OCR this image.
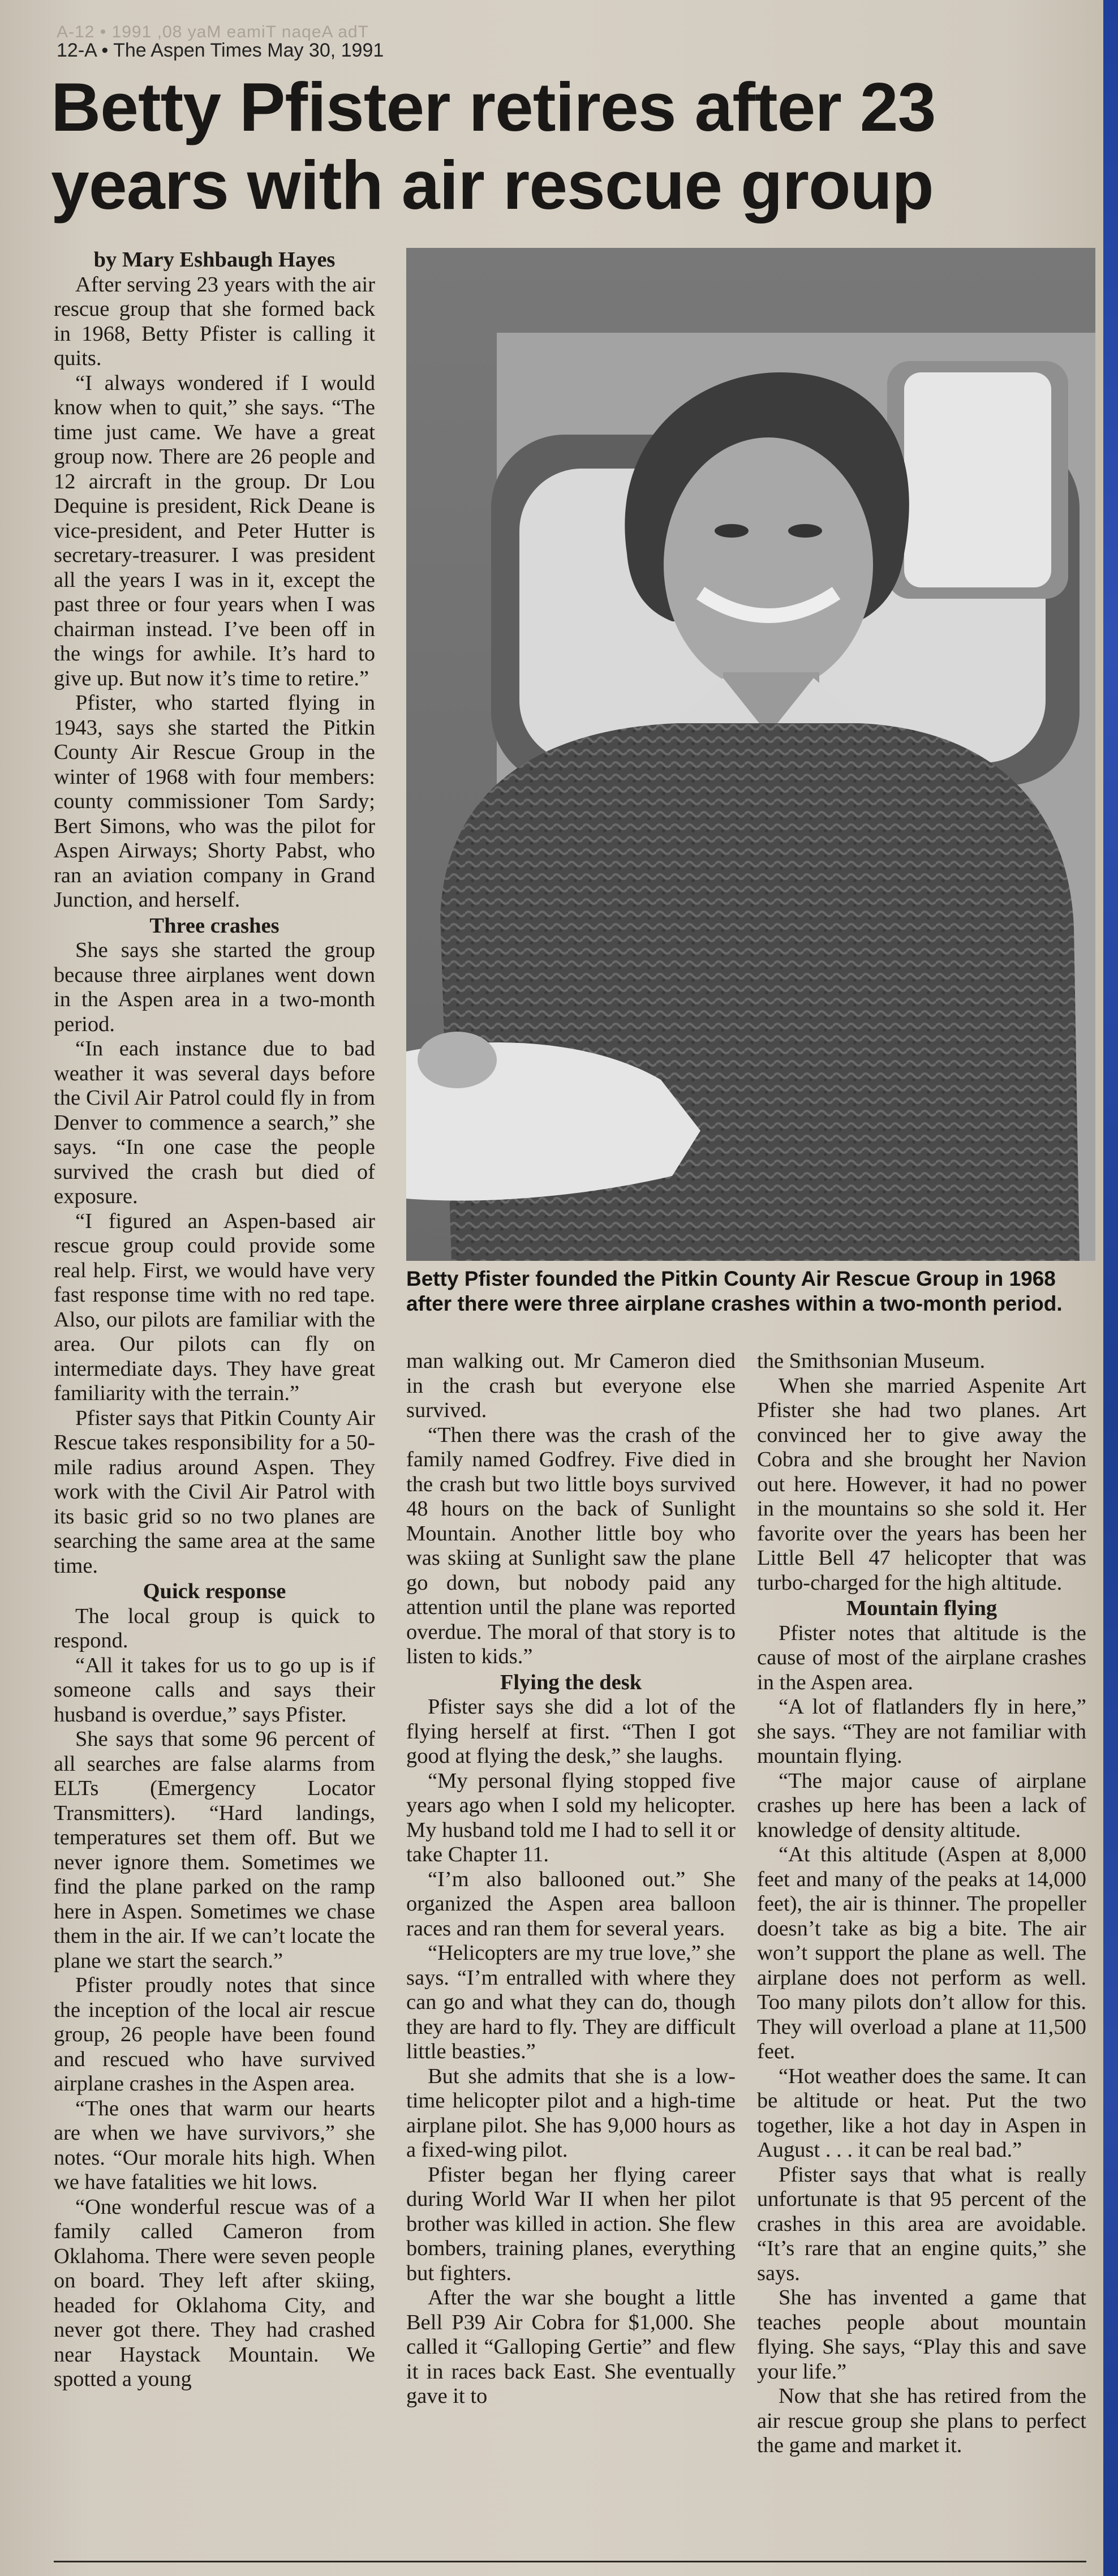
A-12 • 1991 ,08 yaM eamiT naqeA adT
12-A • The Aspen Times May 30, 1991
Betty Pfister retires after 23 years with air rescue group
by Mary Eshbaugh Hayes

After serving 23 years with the air rescue group that she formed back in 1968, Betty Pfister is calling it quits.

“I always wondered if I would know when to quit,” she says. “The time just came. We have a great group now. There are 26 people and 12 aircraft in the group. Dr Lou Dequine is president, Rick Deane is vice-president, and Peter Hutter is secretary-treasurer. I was president all the years I was in it, except the past three or four years when I was chairman instead. I’ve been off in the wings for awhile. It’s hard to give up. But now it’s time to retire.”

Pfister, who started flying in 1943, says she started the Pitkin County Air Rescue Group in the winter of 1968 with four members: county commissioner Tom Sardy; Bert Simons, who was the pilot for Aspen Airways; Shorty Pabst, who ran an aviation company in Grand Junction, and herself.

Three crashes

She says she started the group because three airplanes went down in the Aspen area in a two-month period.

“In each instance due to bad weather it was several days before the Civil Air Patrol could fly in from Denver to commence a search,” she says. “In one case the people survived the crash but died of exposure.

“I figured an Aspen-based air rescue group could provide some real help. First, we would have very fast response time with no red tape. Also, our pilots are familiar with the area. Our pilots can fly on intermediate days. They have great familiarity with the terrain.”

Pfister says that Pitkin County Air Rescue takes responsibility for a 50-mile radius around Aspen. They work with the Civil Air Patrol with its basic grid so no two planes are searching the same area at the same time.

Quick response

The local group is quick to respond.

“All it takes for us to go up is if someone calls and says their husband is overdue,” says Pfister.

She says that some 96 percent of all searches are false alarms from ELTs (Emergency Locator Transmitters). “Hard landings, temperatures set them off. But we never ignore them. Sometimes we find the plane parked on the ramp here in Aspen. Sometimes we chase them in the air. If we can’t locate the plane we start the search.”

Pfister proudly notes that since the inception of the local air rescue group, 26 people have been found and rescued who have survived airplane crashes in the Aspen area.

“The ones that warm our hearts are when we have survivors,” she notes. “Our morale hits high. When we have fatalities we hit lows.

“One wonderful rescue was of a family called Cameron from Oklahoma. There were seven people on board. They left after skiing, headed for Oklahoma City, and never got there. They had crashed near Haystack Mountain. We spotted a young

Betty Pfister founded the Pitkin County Air Rescue Group in 1968 after there were three airplane crashes within a two-month period.

man walking out. Mr Cameron died in the crash but everyone else survived.

“Then there was the crash of the family named Godfrey. Five died in the crash but two little boys survived 48 hours on the back of Sunlight Mountain. Another little boy who was skiing at Sunlight saw the plane go down, but nobody paid any attention until the plane was reported overdue. The moral of that story is to listen to kids.”

Flying the desk

Pfister says she did a lot of the flying herself at first. “Then I got good at flying the desk,” she laughs.

“My personal flying stopped five years ago when I sold my helicopter. My husband told me I had to sell it or take Chapter 11.

“I’m also ballooned out.” She organized the Aspen area balloon races and ran them for several years.

“Helicopters are my true love,” she says. “I’m entralled with where they can go and what they can do, though they are hard to fly. They are difficult little beasties.”

But she admits that she is a low-time helicopter pilot and a high-time airplane pilot. She has 9,000 hours as a fixed-wing pilot.

Pfister began her flying career during World War II when her pilot brother was killed in action. She flew bombers, training planes, everything but fighters.

After the war she bought a little Bell P39 Air Cobra for $1,000. She called it “Galloping Gertie” and flew it in races back East. She eventually gave it to

the Smithsonian Museum.

When she married Aspenite Art Pfister she had two planes. Art convinced her to give away the Cobra and she brought her Navion out here. However, it had no power in the mountains so she sold it. Her favorite over the years has been her Little Bell 47 helicopter that was turbo-charged for the high altitude.

Mountain flying

Pfister notes that altitude is the cause of most of the airplane crashes in the Aspen area.

“A lot of flatlanders fly in here,” she says. “They are not familiar with mountain flying.

“The major cause of airplane crashes up here has been a lack of knowledge of density altitude.

“At this altitude (Aspen at 8,000 feet and many of the peaks at 14,000 feet), the air is thinner. The propeller doesn’t take as big a bite. The air won’t support the plane as well. The airplane does not perform as well. Too many pilots don’t allow for this. They will overload a plane at 11,500 feet.

“Hot weather does the same. It can be altitude or heat. Put the two together, like a hot day in Aspen in August . . . it can be real bad.”

Pfister says that what is really unfortunate is that 95 percent of the crashes in this area are avoidable. “It’s rare that an engine quits,” she says.

She has invented a game that teaches people about mountain flying. She says, “Play this and save your life.”

Now that she has retired from the air rescue group she plans to perfect the game and market it.
